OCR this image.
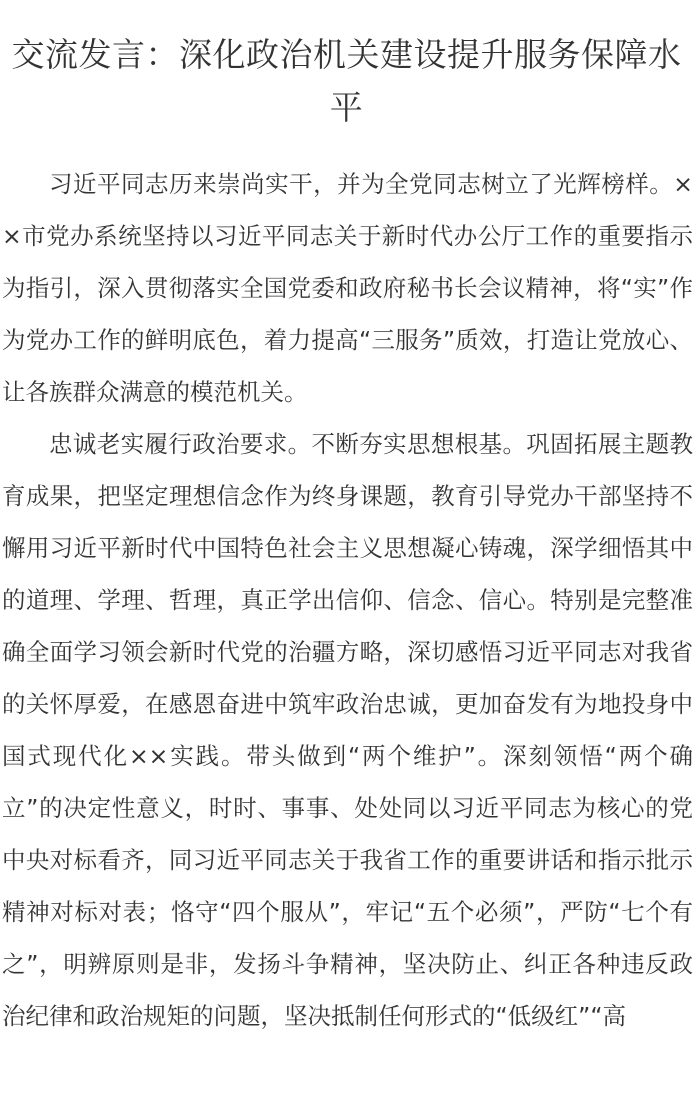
交流发言：深化政治机关建设提升服务保障水平

习近平同志历来崇尚实干，并为全党同志树立了光辉榜样。××市党办系统坚持以习近平同志关于新时代办公厅工作的重要指示为指引，深入贯彻落实全国党委和政府秘书长会议精神，将“实”作为党办工作的鲜明底色，着力提高“三服务”质效，打造让党放心、让各族群众满意的模范机关。

忠诚老实履行政治要求。不断夯实思想根基。巩固拓展主题教育成果，把坚定理想信念作为终身课题，教育引导党办干部坚持不懈用习近平新时代中国特色社会主义思想凝心铸魂，深学细悟其中的道理、学理、哲理，真正学出信仰、信念、信心。特别是完整准确全面学习领会新时代党的治疆方略，深切感悟习近平同志对我省的关怀厚爱，在感恩奋进中筑牢政治忠诚，更加奋发有为地投身中国式现代化××实践。带头做到“两个维护”。深刻领悟“两个确立”的决定性意义，时时、事事、处处同以习近平同志为核心的党中央对标看齐，同习近平同志关于我省工作的重要讲话和指示批示精神对标对表；恪守“四个服从”，牢记“五个必须”，严防“七个有之”，明辨原则是非，发扬斗争精神，坚决防止、纠正各种违反政治纪律和政治规矩的问题，坚决抵制任何形式的“低级红”“高
